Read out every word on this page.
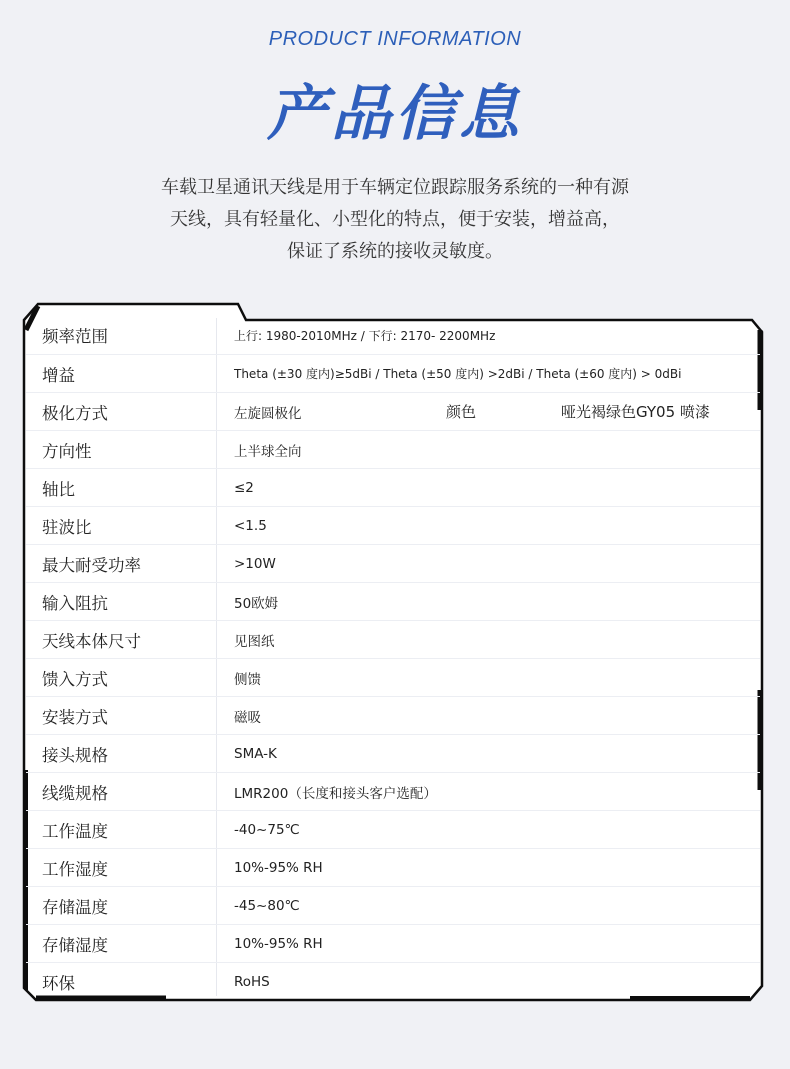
PRODUCT INFORMATION
产品信息
车载卫星通讯天线是用于车辆定位跟踪服务系统的一种有源
天线，具有轻量化、小型化的特点，便于安装，增益高，
保证了系统的接收灵敏度。
频率范围	上行: 1980-2010MHz / 下行: 2170- 2200MHz
增益	Theta (±30 度内)≥5dBi / Theta (±50 度内) >2dBi / Theta (±60 度内) > 0dBi
极化方式	左旋圆极化	颜色	哑光褐绿色GY05 喷漆
方向性	上半球全向
轴比	≤2
驻波比	<1.5
最大耐受功率	>10W
输入阻抗	50欧姆
天线本体尺寸	见图纸
馈入方式	侧馈
安装方式	磁吸
接头规格	SMA-K
线缆规格	LMR200（长度和接头客户选配）
工作温度	-40~75℃
工作湿度	10%-95% RH
存储温度	-45~80℃
存储湿度	10%-95% RH
环保	RoHS
